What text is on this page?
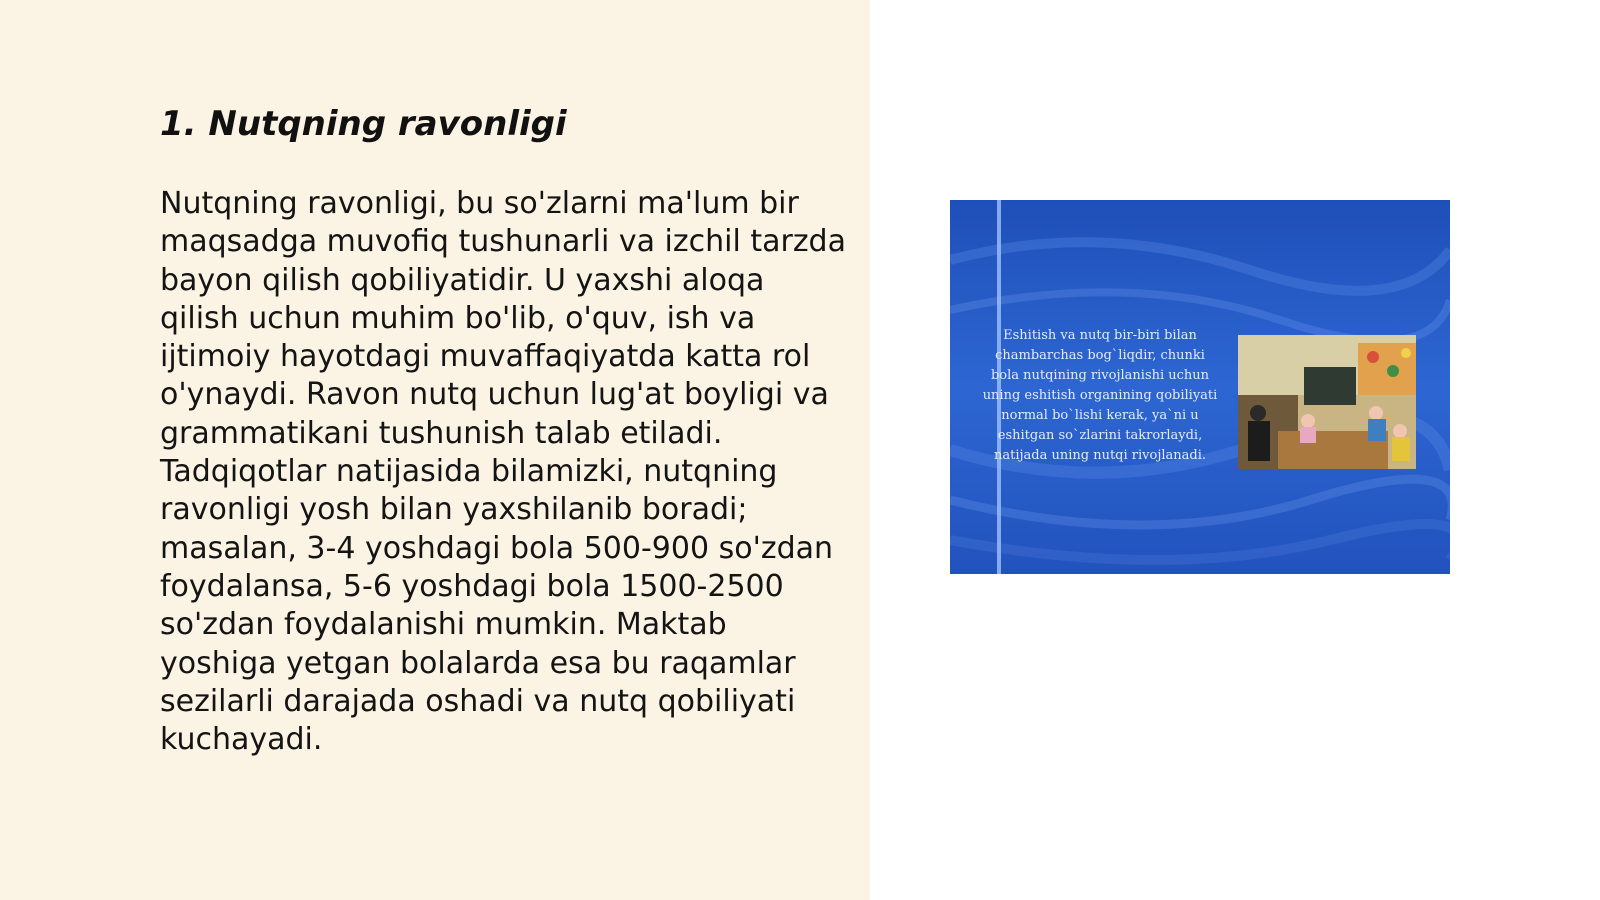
1. Nutqning ravonligi

Nutqning ravonligi, bu so'zlarni ma'lum bir maqsadga muvofiq tushunarli va izchil tarzda bayon qilish qobiliyatidir. U yaxshi aloqa qilish uchun muhim bo'lib, o'quv, ish va ijtimoiy hayotdagi muvaffaqiyatda katta rol o'ynaydi. Ravon nutq uchun lug'at boyligi va grammatikani tushunish talab etiladi. Tadqiqotlar natijasida bilamizki, nutqning ravonligi yosh bilan yaxshilanib boradi; masalan, 3-4 yoshdagi bola 500-900 so'zdan foydalansa, 5-6 yoshdagi bola 1500-2500 so'zdan foydalanishi mumkin. Maktab yoshiga yetgan bolalarda esa bu raqamlar sezilarli darajada oshadi va nutq qobiliyati kuchayadi.

Eshitish va nutq bir-biri bilan chambarchas bog`liqdir, chunki bola nutqining rivojlanishi uchun uning eshitish organining qobiliyati normal bo`lishi kerak, ya`ni u eshitgan so`zlarini takrorlaydi, natijada uning nutqi rivojlanadi.
